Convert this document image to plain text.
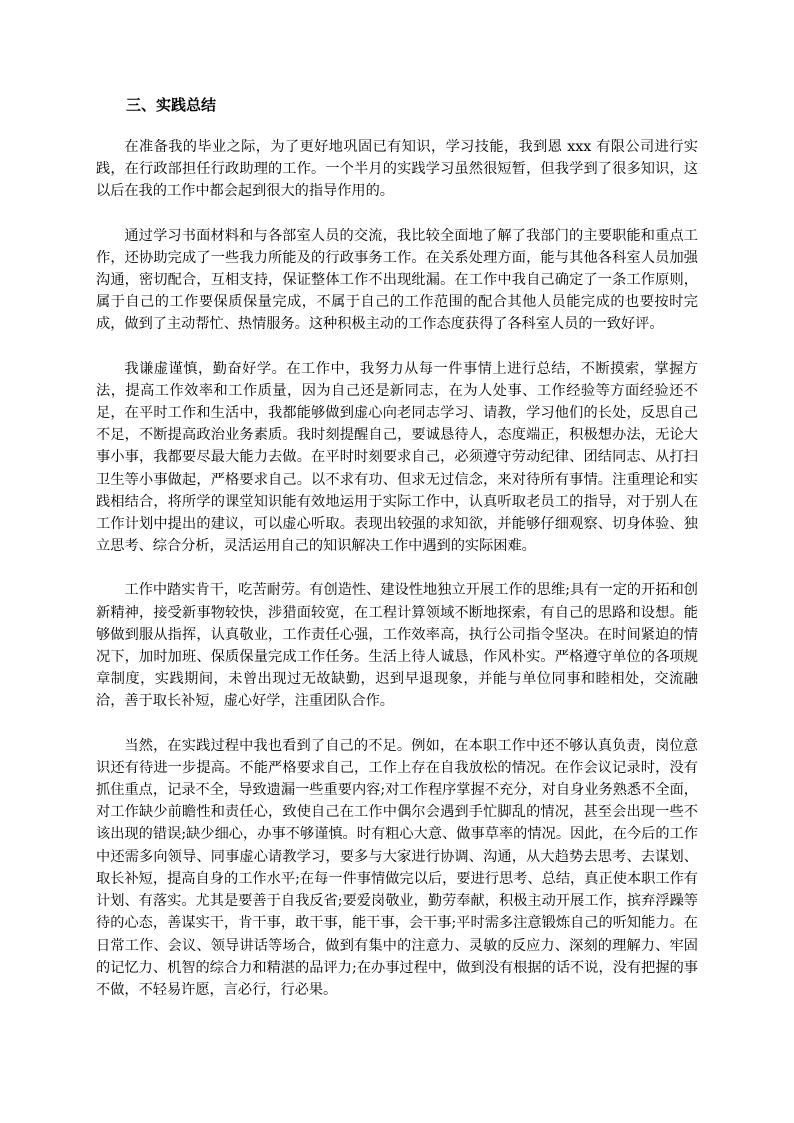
三、实践总结

在准备我的毕业之际，为了更好地巩固已有知识，学习技能，我到恩 xxx 有限公司进行实践，在行政部担任行政助理的工作。一个半月的实践学习虽然很短暂，但我学到了很多知识，这以后在我的工作中都会起到很大的指导作用的。

通过学习书面材料和与各部室人员的交流，我比较全面地了解了我部门的主要职能和重点工作，还协助完成了一些我力所能及的行政事务工作。在关系处理方面，能与其他各科室人员加强沟通，密切配合，互相支持，保证整体工作不出现纰漏。在工作中我自己确定了一条工作原则，属于自己的工作要保质保量完成，不属于自己的工作范围的配合其他人员能完成的也要按时完成，做到了主动帮忙、热情服务。这种积极主动的工作态度获得了各科室人员的一致好评。

我谦虚谨慎，勤奋好学。在工作中，我努力从每一件事情上进行总结，不断摸索，掌握方法，提高工作效率和工作质量，因为自己还是新同志，在为人处事、工作经验等方面经验还不足，在平时工作和生活中，我都能够做到虚心向老同志学习、请教，学习他们的长处，反思自己不足，不断提高政治业务素质。我时刻提醒自己，要诚恳待人，态度端正，积极想办法，无论大事小事，我都要尽最大能力去做。在平时时刻要求自己，必须遵守劳动纪律、团结同志、从打扫卫生等小事做起，严格要求自己。以不求有功、但求无过信念，来对待所有事情。注重理论和实践相结合，将所学的课堂知识能有效地运用于实际工作中，认真听取老员工的指导，对于别人在工作计划中提出的建议，可以虚心听取。表现出较强的求知欲，并能够仔细观察、切身体验、独立思考、综合分析，灵活运用自己的知识解决工作中遇到的实际困难。

工作中踏实肯干，吃苦耐劳。有创造性、建设性地独立开展工作的思维;具有一定的开拓和创新精神，接受新事物较快，涉猎面较宽，在工程计算领域不断地探索，有自己的思路和设想。能够做到服从指挥，认真敬业，工作责任心强，工作效率高，执行公司指令坚决。在时间紧迫的情况下，加时加班、保质保量完成工作任务。生活上待人诚恳，作风朴实。严格遵守单位的各项规章制度，实践期间，未曾出现过无故缺勤，迟到早退现象，并能与单位同事和睦相处，交流融洽，善于取长补短，虚心好学，注重团队合作。

当然，在实践过程中我也看到了自己的不足。例如，在本职工作中还不够认真负责，岗位意识还有待进一步提高。不能严格要求自己，工作上存在自我放松的情况。在作会议记录时，没有抓住重点，记录不全，导致遗漏一些重要内容;对工作程序掌握不充分，对自身业务熟悉不全面，对工作缺少前瞻性和责任心，致使自己在工作中偶尔会遇到手忙脚乱的情况，甚至会出现一些不该出现的错误;缺少细心，办事不够谨慎。时有粗心大意、做事草率的情况。因此，在今后的工作中还需多向领导、同事虚心请教学习，要多与大家进行协调、沟通，从大趋势去思考、去谋划、取长补短，提高自身的工作水平;在每一件事情做完以后，要进行思考、总结，真正使本职工作有计划、有落实。尤其是要善于自我反省;要爱岗敬业，勤劳奉献，积极主动开展工作，摈弃浮躁等待的心态，善谋实干，肯干事，敢干事，能干事，会干事;平时需多注意锻炼自己的听知能力。在日常工作、会议、领导讲话等场合，做到有集中的注意力、灵敏的反应力、深刻的理解力、牢固的记忆力、机智的综合力和精湛的品评力;在办事过程中，做到没有根据的话不说，没有把握的事不做，不轻易许愿，言必行，行必果。
